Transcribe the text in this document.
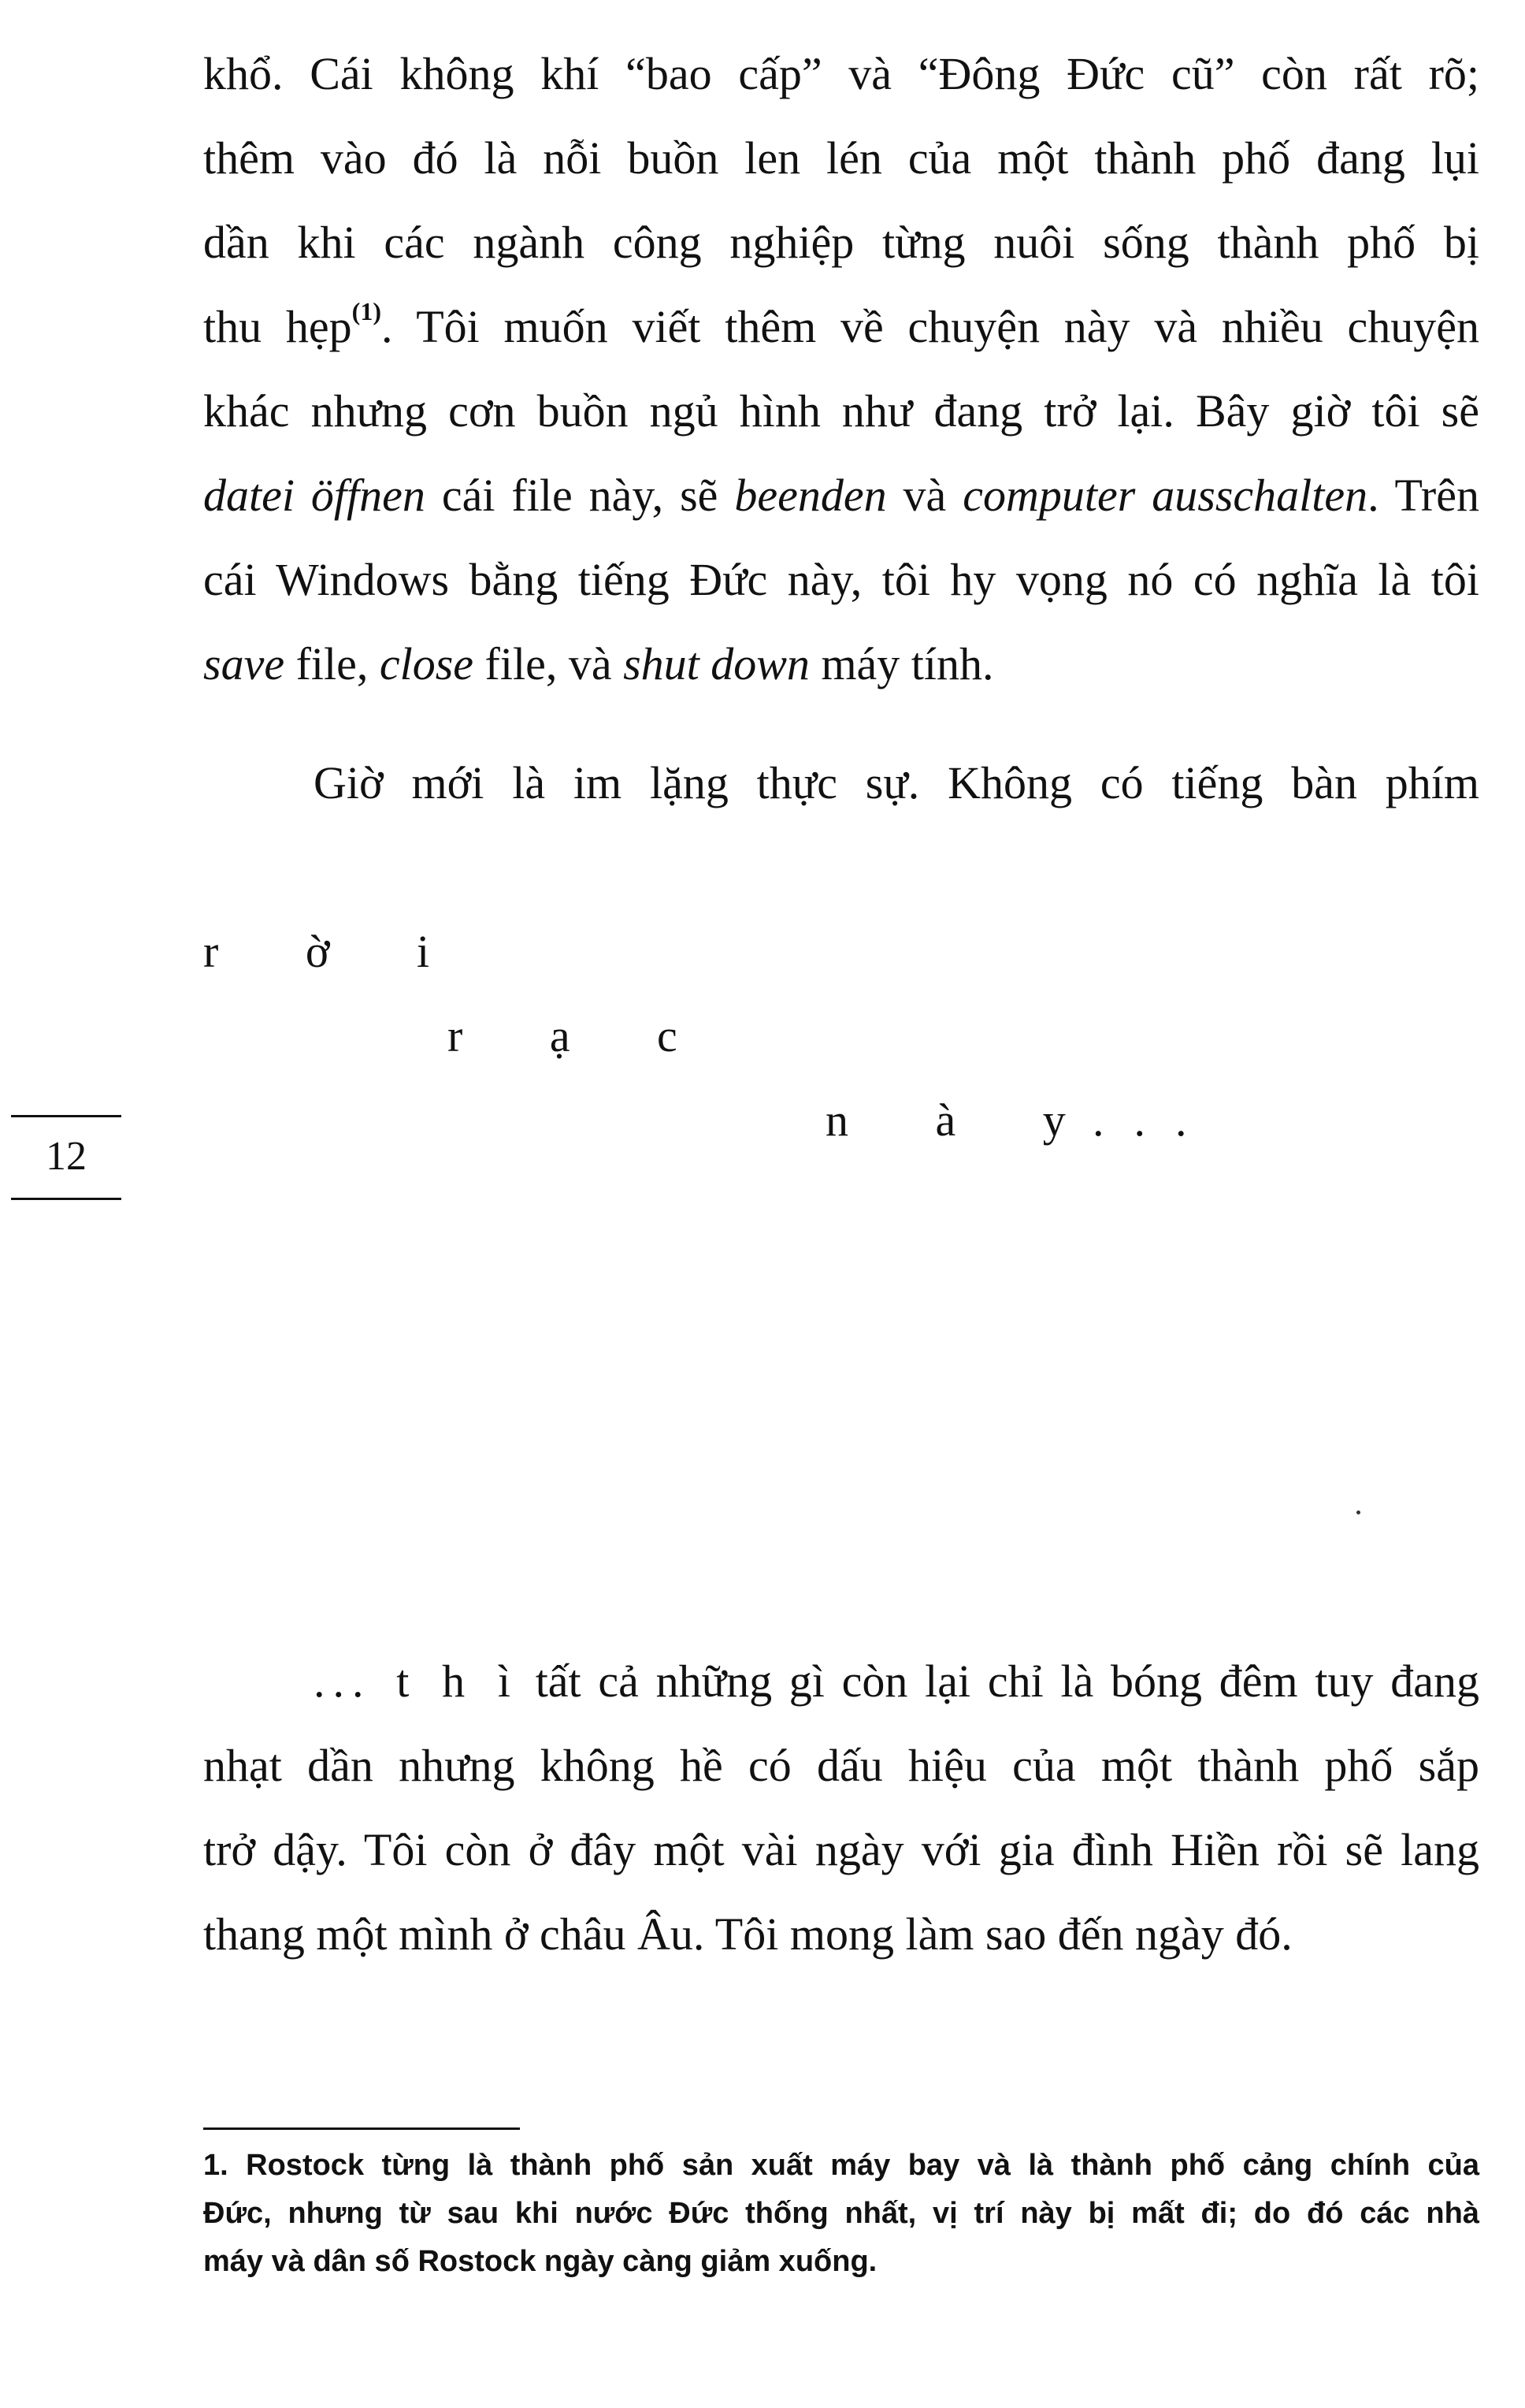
khổ. Cái không khí “bao cấp” và “Đông Đức cũ” còn rất rõ;
thêm vào đó là nỗi buồn len lén của một thành phố đang lụi
dần khi các ngành công nghiệp từng nuôi sống thành phố bị
thu hẹp$^{(1)}$. Tôi muốn viết thêm về chuyện này và nhiều chuyện
khác nhưng cơn buồn ngủ hình như đang trở lại. Bây giờ tôi sẽ
datei öffnen cái file này, sẽ beenden và computer ausschalten. Trên
cái Windows bằng tiếng Đức này, tôi hy vọng nó có nghĩa là tôi
save file, close file, và shut down máy tính.
Giờ mới là im lặng thực sự. Không có tiếng bàn phím

r ờ i

r ạ c

n à y...

12
... t h ì tất cả những gì còn lại chỉ là bóng đêm tuy đang
nhạt dần nhưng không hề có dấu hiệu của một thành phố sắp
trở dậy. Tôi còn ở đây một vài ngày với gia đình Hiền rồi sẽ lang
thang một mình ở châu Âu. Tôi mong làm sao đến ngày đó.
1. Rostock từng là thành phố sản xuất máy bay và là thành phố cảng chính của
Đức, nhưng từ sau khi nước Đức thống nhất, vị trí này bị mất đi; do đó các nhà
máy và dân số Rostock ngày càng giảm xuống.
